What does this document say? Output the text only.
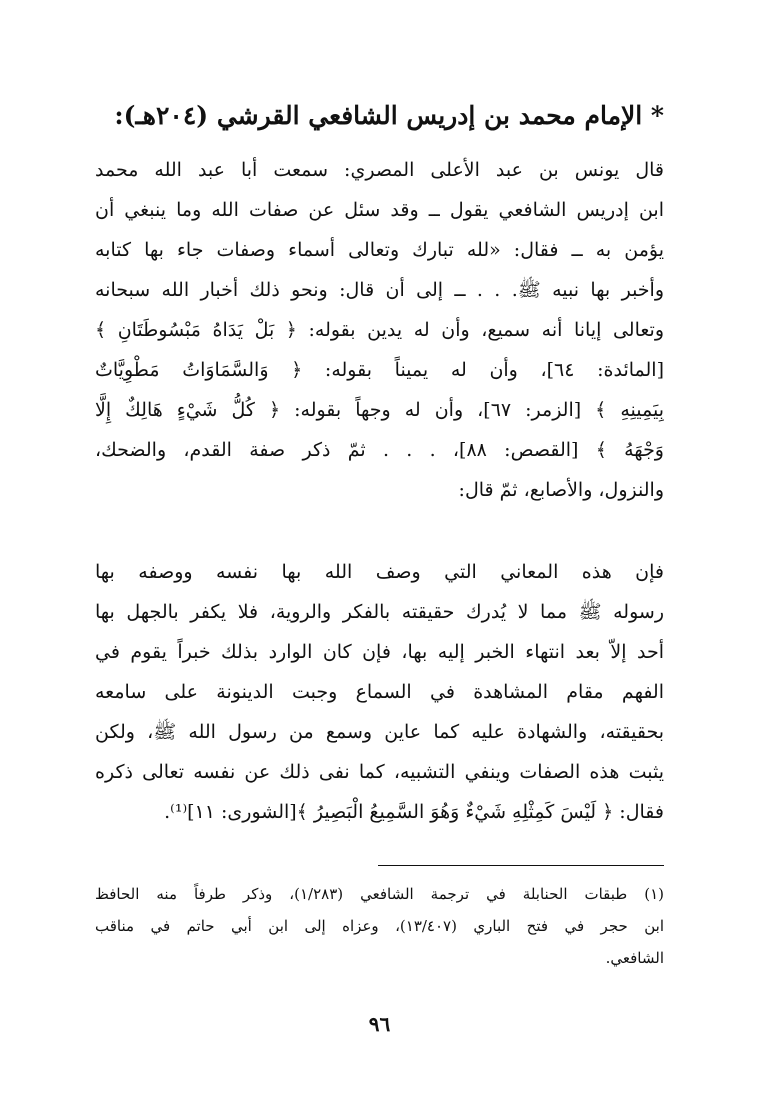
* الإمام محمد بن إدريس الشافعي القرشي (٢٠٤هـ):
قال يونس بن عبد الأعلى المصري: سمعت أبا عبد الله محمد
ابن إدريس الشافعي يقول ــ وقد سئل عن صفات الله وما ينبغي أن
يؤمن به ــ فقال: «لله تبارك وتعالى أسماء وصفات جاء بها كتابه
وأخبر بها نبيه ﷺ. . . ــ إلى أن قال: ونحو ذلك أخبار الله سبحانه
وتعالى إيانا أنه سميع، وأن له يدين بقوله: ﴿ بَلْ يَدَاهُ مَبْسُوطَتَانِ ﴾
[المائدة: ٦٤]، وأن له يميناً بقوله: ﴿ وَالسَّمَاوَاتُ مَطْوِيَّاتٌ
بِيَمِينِهِ ﴾ [الزمر: ٦٧]، وأن له وجهاً بقوله: ﴿ كُلُّ شَيْءٍ هَالِكٌ إِلَّا
وَجْهَهُ ﴾ [القصص: ٨٨]، . . . ثمّ ذكر صفة القدم، والضحك،
والنزول، والأصابع، ثمّ قال:
فإن هذه المعاني التي وصف الله بها نفسه ووصفه بها
رسوله ﷺ مما لا يُدرك حقيقته بالفكر والروية، فلا يكفر بالجهل بها
أحد إلاّ بعد انتهاء الخبر إليه بها، فإن كان الوارد بذلك خبراً يقوم في
الفهم مقام المشاهدة في السماع وجبت الدينونة على سامعه
بحقيقته، والشهادة عليه كما عاين وسمع من رسول الله ﷺ، ولكن
يثبت هذه الصفات وينفي التشبيه، كما نفى ذلك عن نفسه تعالى ذكره
فقال: ﴿ لَيْسَ كَمِثْلِهِ شَيْءٌ وَهُوَ السَّمِيعُ الْبَصِيرُ ﴾[الشورى: ١١]⁽¹⁾.
(١) طبقات الحنابلة في ترجمة الشافعي (١/٢٨٣)، وذكر طرفاً منه الحافظ
ابن حجر في فتح الباري (١٣/٤٠٧)، وعزاه إلى ابن أبي حاتم في مناقب
الشافعي.
٩٦
